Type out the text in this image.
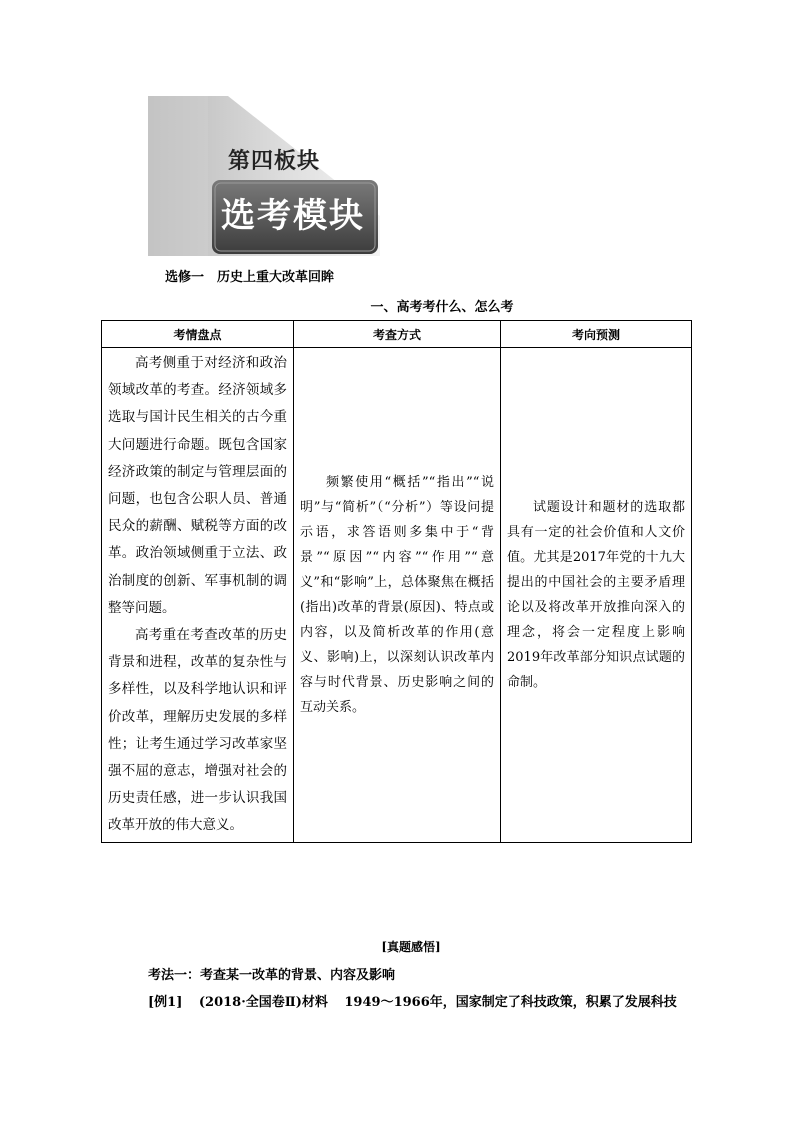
第四板块
选考模块
选修一　历史上重大改革回眸
一、高考考什么、怎么考
考情盘点	考查方式	考向预测

高考侧重于对经济和政治领域改革的考查。经济领域多选取与国计民生相关的古今重大问题进行命题。既包含国家经济政策的制定与管理层面的问题，也包含公职人员、普通民众的薪酬、赋税等方面的改革。政治领域侧重于立法、政治制度的创新、军事机制的调整等问题。

高考重在考查改革的历史背景和进程，改革的复杂性与多样性，以及科学地认识和评价改革，理解历史发展的多样性；让考生通过学习改革家坚强不屈的意志，增强对社会的历史责任感，进一步认识我国改革开放的伟大意义。	频繁使用“概括”“指出”“说明”与“简析”（“分析”）等设问提示语，求答语则多集中于“背景”“原因”“内容”“作用”“意义”和“影响”上，总体聚焦在概括(指出)改革的背景(原因)、特点或内容，以及简析改革的作用(意义、影响)上，以深刻认识改革内容与时代背景、历史影响之间的互动关系。	试题设计和题材的选取都具有一定的社会价值和人文价值。尤其是2017年党的十九大提出的中国社会的主要矛盾理论以及将改革开放推向深入的理念，将会一定程度上影响2019年改革部分知识点试题的命制。

[真题感悟]
考法一：考查某一改革的背景、内容及影响
[例1] (2018·全国卷Ⅱ)材料 1949～1966年，国家制定了科技政策，积累了发展科技
